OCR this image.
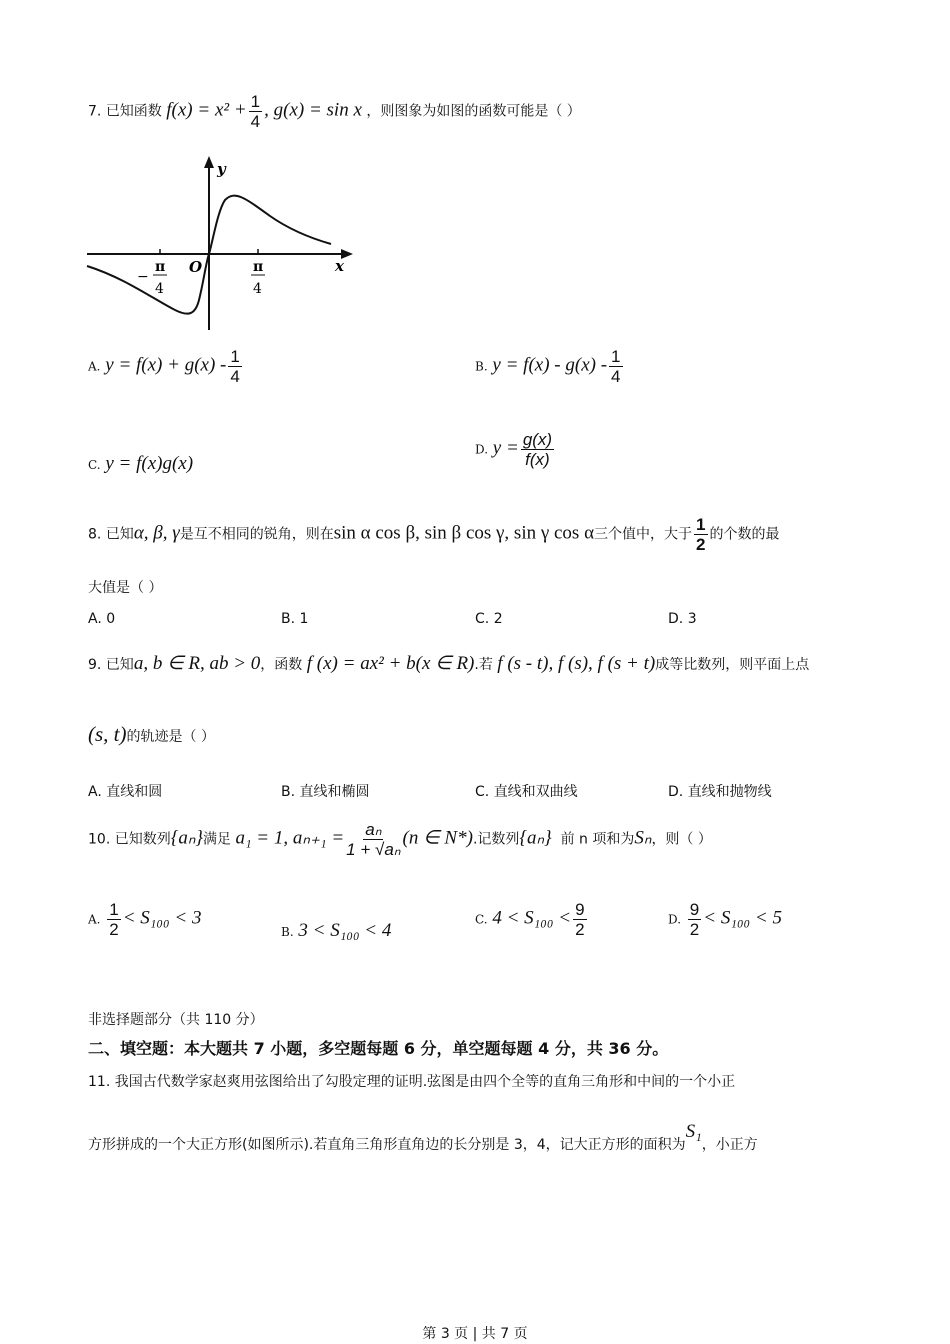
7. 已知函数 $f(x) = x^2 + \frac{1}{4}$ , g(x) = sin x ，则图象为如图的函数可能是（ ）
y
x
O
−
π
4
π
4
A. $y = f(x) + g(x) - \frac{1}{4}$	B. $y = f(x) - g(x) - \frac{1}{4}$
C. y = f(x)g(x)
D. $y = \frac{g(x)}{f(x)}$
8. 已知α, β, γ是互不相同的锐角，则在sin α cos β, sin β cos γ, sin γ cos α三个值中，大于 $\frac{1}{2}$ 的个数的最
大值是（ ）
A. 0	B. 1	C. 2	D. 3
9. 已知a, b ∈ R, ab > 0，函数 f (x) = ax² + b(x ∈ R).若 f (s - t), f (s), f (s + t)成等比数列，则平面上点
(s, t)的轨迹是（ ）
A. 直线和圆	B. 直线和椭圆	C. 直线和双曲线	D. 直线和抛物线
10. 已知数列{aₙ}满足 a₁ = 1, $a_{n+1} = \frac{\text{aₙ}}{\text{1 + √aₙ}} (n$ ∈ N*).记数列{aₙ} 前 n 项和为Sₙ，则（ ）
A. $\frac{1}{2} < S_{100} < 3$
B. 3 < S₁₀₀ < 4
C. $4 < S_{100} < \frac{9}{2}$	D. $\frac{9}{2} < S_{100} < 5$
非选择题部分（共 110 分）
二、填空题：本大题共 7 小题，多空题每题 6 分，单空题每题 4 分，共 36 分。
11. 我国古代数学家赵爽用弦图给出了勾股定理的证明.弦图是由四个全等的直角三角形和中间的一个小正
方形拼成的一个大正方形(如图所示).若直角三角形直角边的长分别是 3，4，记大正方形的面积为S₁，小正方
第 3 页 | 共 7 页
